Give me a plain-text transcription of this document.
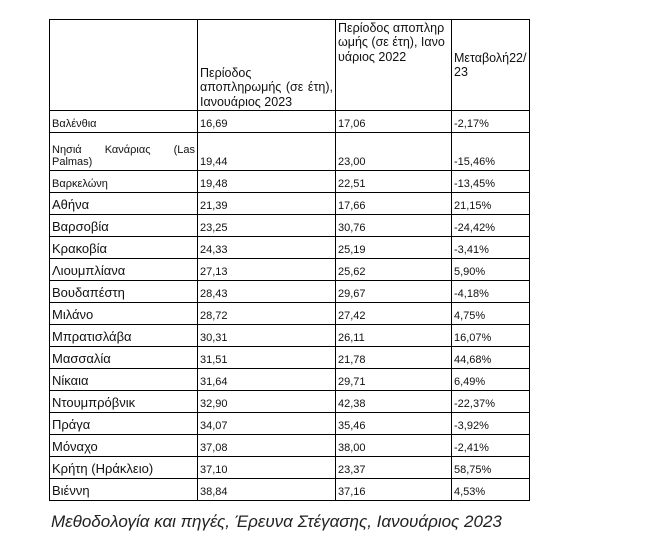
	Περίοδος αποπληρωμής (σε έτη), Ιανουάριος 2023	Περίοδος αποπληρωμής (σε έτη), Ιανουάριος 2022	Μεταβολή22/23
Βαλένθια	16,69	17,06	-2,17%
Νησιά Κανάριας (Las Palmas)	19,44	23,00	-15,46%
Βαρκελώνη	19,48	22,51	-13,45%
Αθήνα	21,39	17,66	21,15%
Βαρσοβία	23,25	30,76	-24,42%
Κρακοβία	24,33	25,19	-3,41%
Λιουμπλίανα	27,13	25,62	5,90%
Βουδαπέστη	28,43	29,67	-4,18%
Μιλάνο	28,72	27,42	4,75%
Μπρατισλάβα	30,31	26,11	16,07%
Μασσαλία	31,51	21,78	44,68%
Νίκαια	31,64	29,71	6,49%
Ντουμπρόβνικ	32,90	42,38	-22,37%
Πράγα	34,07	35,46	-3,92%
Μόναχο	37,08	38,00	-2,41%
Κρήτη (Ηράκλειο)	37,10	23,37	58,75%
Βιέννη	38,84	37,16	4,53%
Μεθοδολογία και πηγές, Έρευνα Στέγασης, Ιανουάριος 2023
